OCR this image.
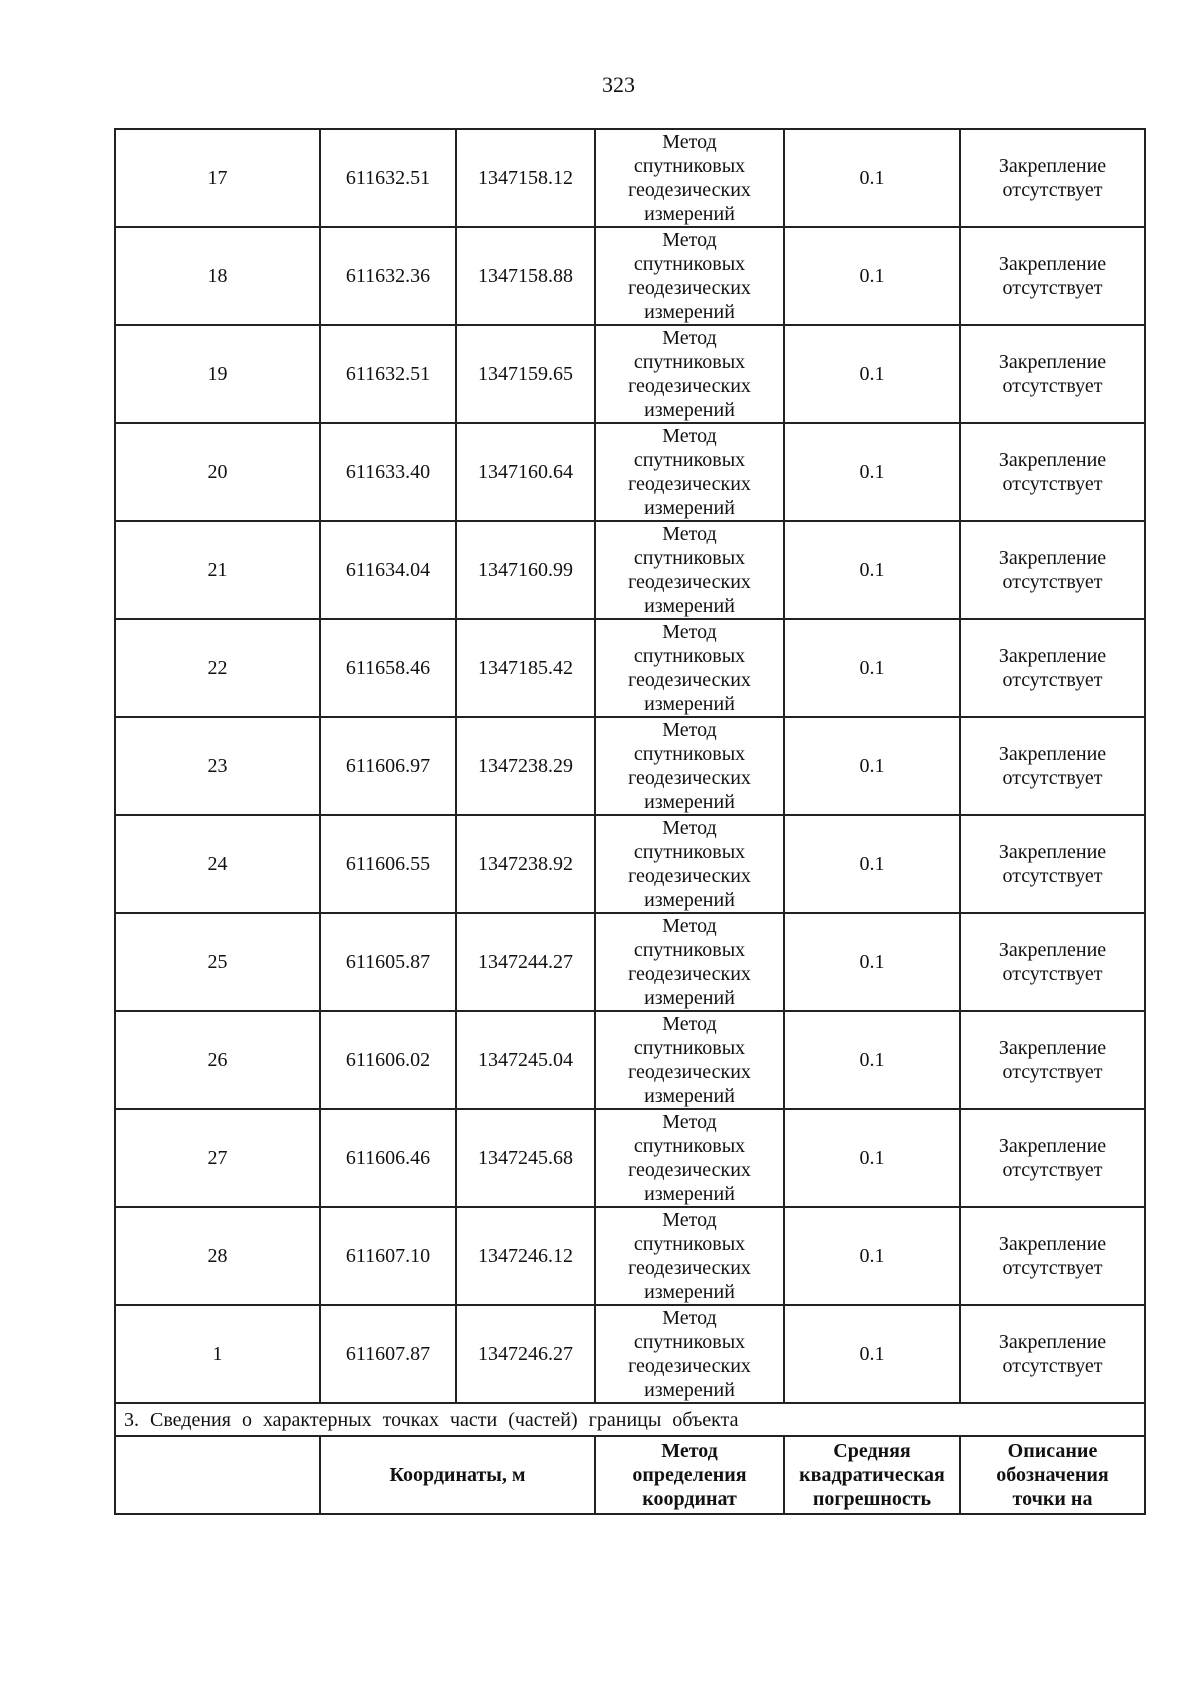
323
17	611632.51	1347158.12	Метод
спутниковых
геодезических
измерений	0.1	Закрепление
отсутствует

18	611632.36	1347158.88	Метод
спутниковых
геодезических
измерений	0.1	Закрепление
отсутствует

19	611632.51	1347159.65	Метод
спутниковых
геодезических
измерений	0.1	Закрепление
отсутствует

20	611633.40	1347160.64	Метод
спутниковых
геодезических
измерений	0.1	Закрепление
отсутствует

21	611634.04	1347160.99	Метод
спутниковых
геодезических
измерений	0.1	Закрепление
отсутствует

22	611658.46	1347185.42	Метод
спутниковых
геодезических
измерений	0.1	Закрепление
отсутствует

23	611606.97	1347238.29	Метод
спутниковых
геодезических
измерений	0.1	Закрепление
отсутствует

24	611606.55	1347238.92	Метод
спутниковых
геодезических
измерений	0.1	Закрепление
отсутствует

25	611605.87	1347244.27	Метод
спутниковых
геодезических
измерений	0.1	Закрепление
отсутствует

26	611606.02	1347245.04	Метод
спутниковых
геодезических
измерений	0.1	Закрепление
отсутствует

27	611606.46	1347245.68	Метод
спутниковых
геодезических
измерений	0.1	Закрепление
отсутствует

28	611607.10	1347246.12	Метод
спутниковых
геодезических
измерений	0.1	Закрепление
отсутствует

1	611607.87	1347246.27	Метод
спутниковых
геодезических
измерений	0.1	Закрепление
отсутствует

3. Сведения о характерных точках части (частей) границы объекта					
	Координаты, м		Метод
определения
координат	Средняя
квадратическая
погрешность	Описание
обозначения
точки на
